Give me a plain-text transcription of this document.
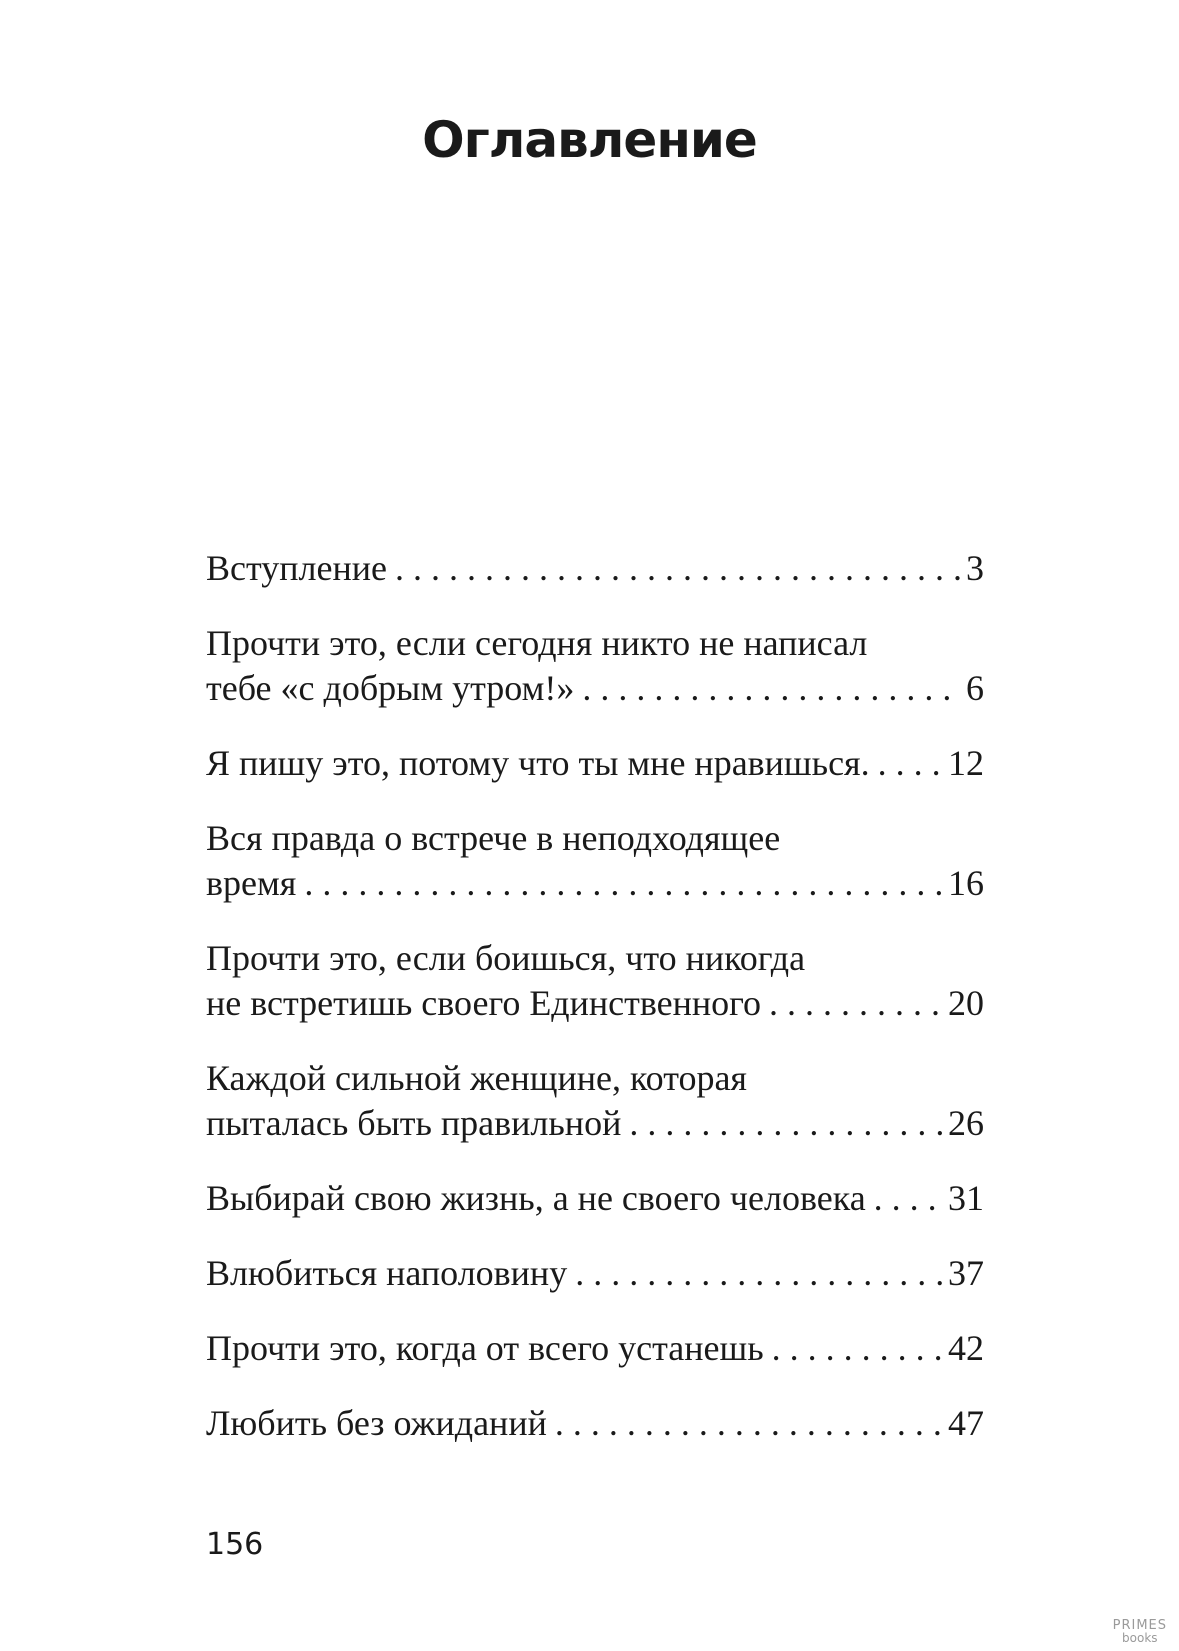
Оглавление
Вступление . . .	3
Прочти это, если сегодня никто не написал
тебе «с добрым утром!» . . .	6
Я пишу это, потому что ты мне нравишься. . . . 12
Вся правда о встрече в неподходящее
время . . .	16
Прочти это, если боишься, что никогда
не встретишь своего Единственного . . .	20
Каждой сильной женщине, которая
пыталась быть правильной . . .	26
Выбирай свою жизнь, а не своего человека . . . 31
Влюбиться наполовину . . .	37
Прочти это, когда от всего устанешь . . .	42
Любить без ожиданий . . .	47
156
PRIMES
books
